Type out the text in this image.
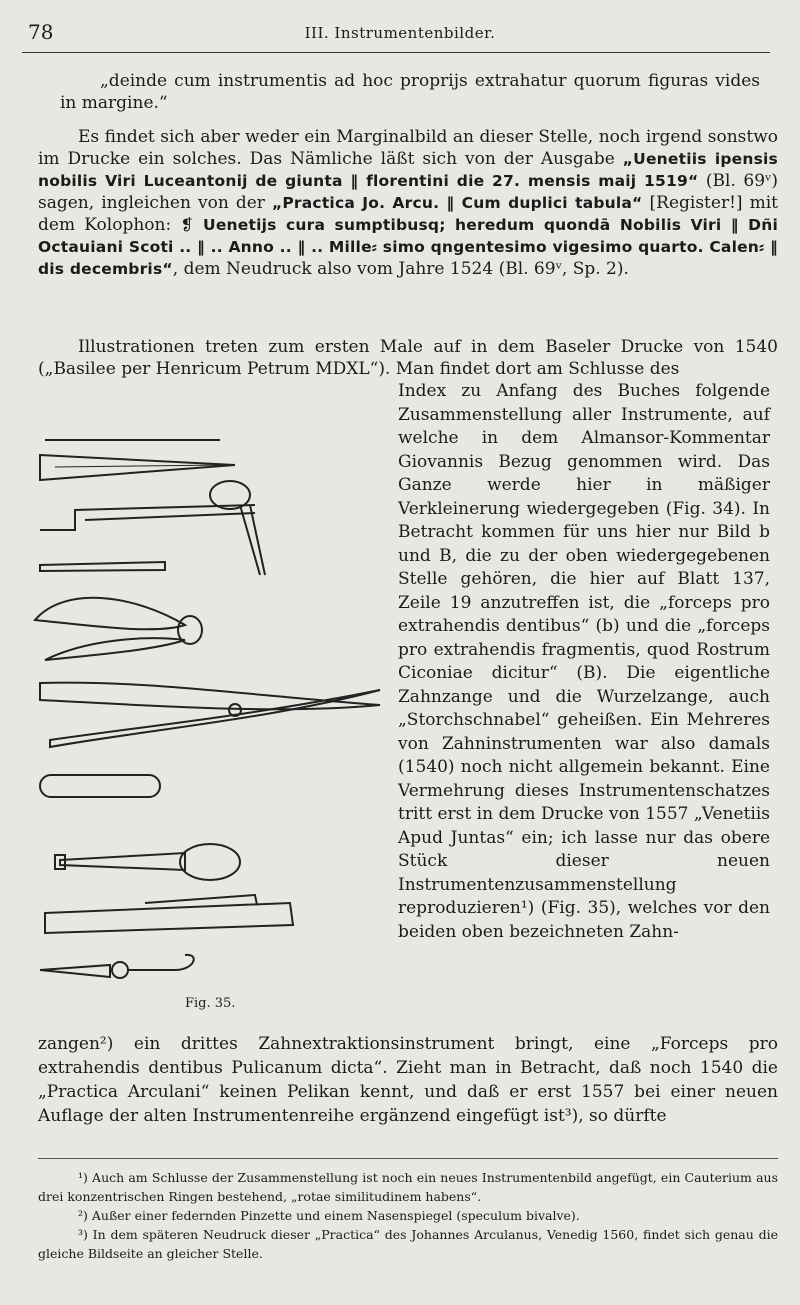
78	III. Instrumentenbilder.

„deinde cum instrumentis ad hoc proprijs extrahatur quorum figuras vides in margine.“

Es findet sich aber weder ein Marginalbild an dieser Stelle, noch irgend sonstwo im Drucke ein solches. Das Nämliche läßt sich von der Ausgabe „Uenetiis ipensis nobilis Viri Luceantonij de giunta ‖ florentini die 27. mensis maij 1519“ (Bl. 69ᵛ) sagen, ingleichen von der „Practica Jo. Arcu. ‖ Cum duplici tabula“ [Register!] mit dem Kolophon: ❡ Uenetijs cura sumptibusq; heredum quondā Nobilis Viri ‖ Dñi Octauiani Scoti .. ‖ .. Anno .. ‖ .. Mille⸗ simo qngentesimo vigesimo quarto. Calen⸗ ‖ dis decembris“, dem Neudruck also vom Jahre 1524 (Bl. 69ᵛ, Sp. 2).

Illustrationen treten zum ersten Male auf in dem Baseler Drucke von 1540 („Basilee per Henricum Petrum MDXL“). Man findet dort am Schlusse des

Index zu Anfang des Buches folgende Zusammenstellung aller Instrumente, auf welche in dem Almansor-Kommentar Giovannis Bezug genommen wird. Das Ganze werde hier in mäßiger Verkleinerung wiedergegeben (Fig. 34). In Betracht kommen für uns hier nur Bild b und B, die zu der oben wiedergegebenen Stelle gehören, die hier auf Blatt 137, Zeile 19 anzutreffen ist, die „forceps pro extrahendis dentibus“ (b) und die „forceps pro extrahendis fragmentis, quod Rostrum Ciconiae dicitur“ (B). Die eigentliche Zahnzange und die Wurzelzange, auch „Storchschnabel“ geheißen. Ein Mehreres von Zahninstrumenten war also damals (1540) noch nicht allgemein bekannt. Eine Vermehrung dieses Instrumentenschatzes tritt erst in dem Drucke von 1557 „Venetiis Apud Juntas“ ein; ich lasse nur das obere Stück dieser neuen Instrumentenzusammenstellung reproduzieren¹) (Fig. 35), welches vor den beiden oben bezeichneten Zahn-
Fig. 35.
zangen²) ein drittes Zahnextraktionsinstrument bringt, eine „Forceps pro extrahendis dentibus Pulicanum dicta“. Zieht man in Betracht, daß noch 1540 die „Practica Arculani“ keinen Pelikan kennt, und daß er erst 1557 bei einer neuen Auflage der alten Instrumentenreihe ergänzend eingefügt ist³), so dürfte
¹) Auch am Schlusse der Zusammenstellung ist noch ein neues Instrumentenbild angefügt, ein Cauterium aus drei konzentrischen Ringen bestehend, „rotae similitudinem habens“.
²) Außer einer federnden Pinzette und einem Nasenspiegel (speculum bivalve).
³) In dem späteren Neudruck dieser „Practica“ des Johannes Arculanus, Venedig 1560, findet sich genau die gleiche Bildseite an gleicher Stelle.
